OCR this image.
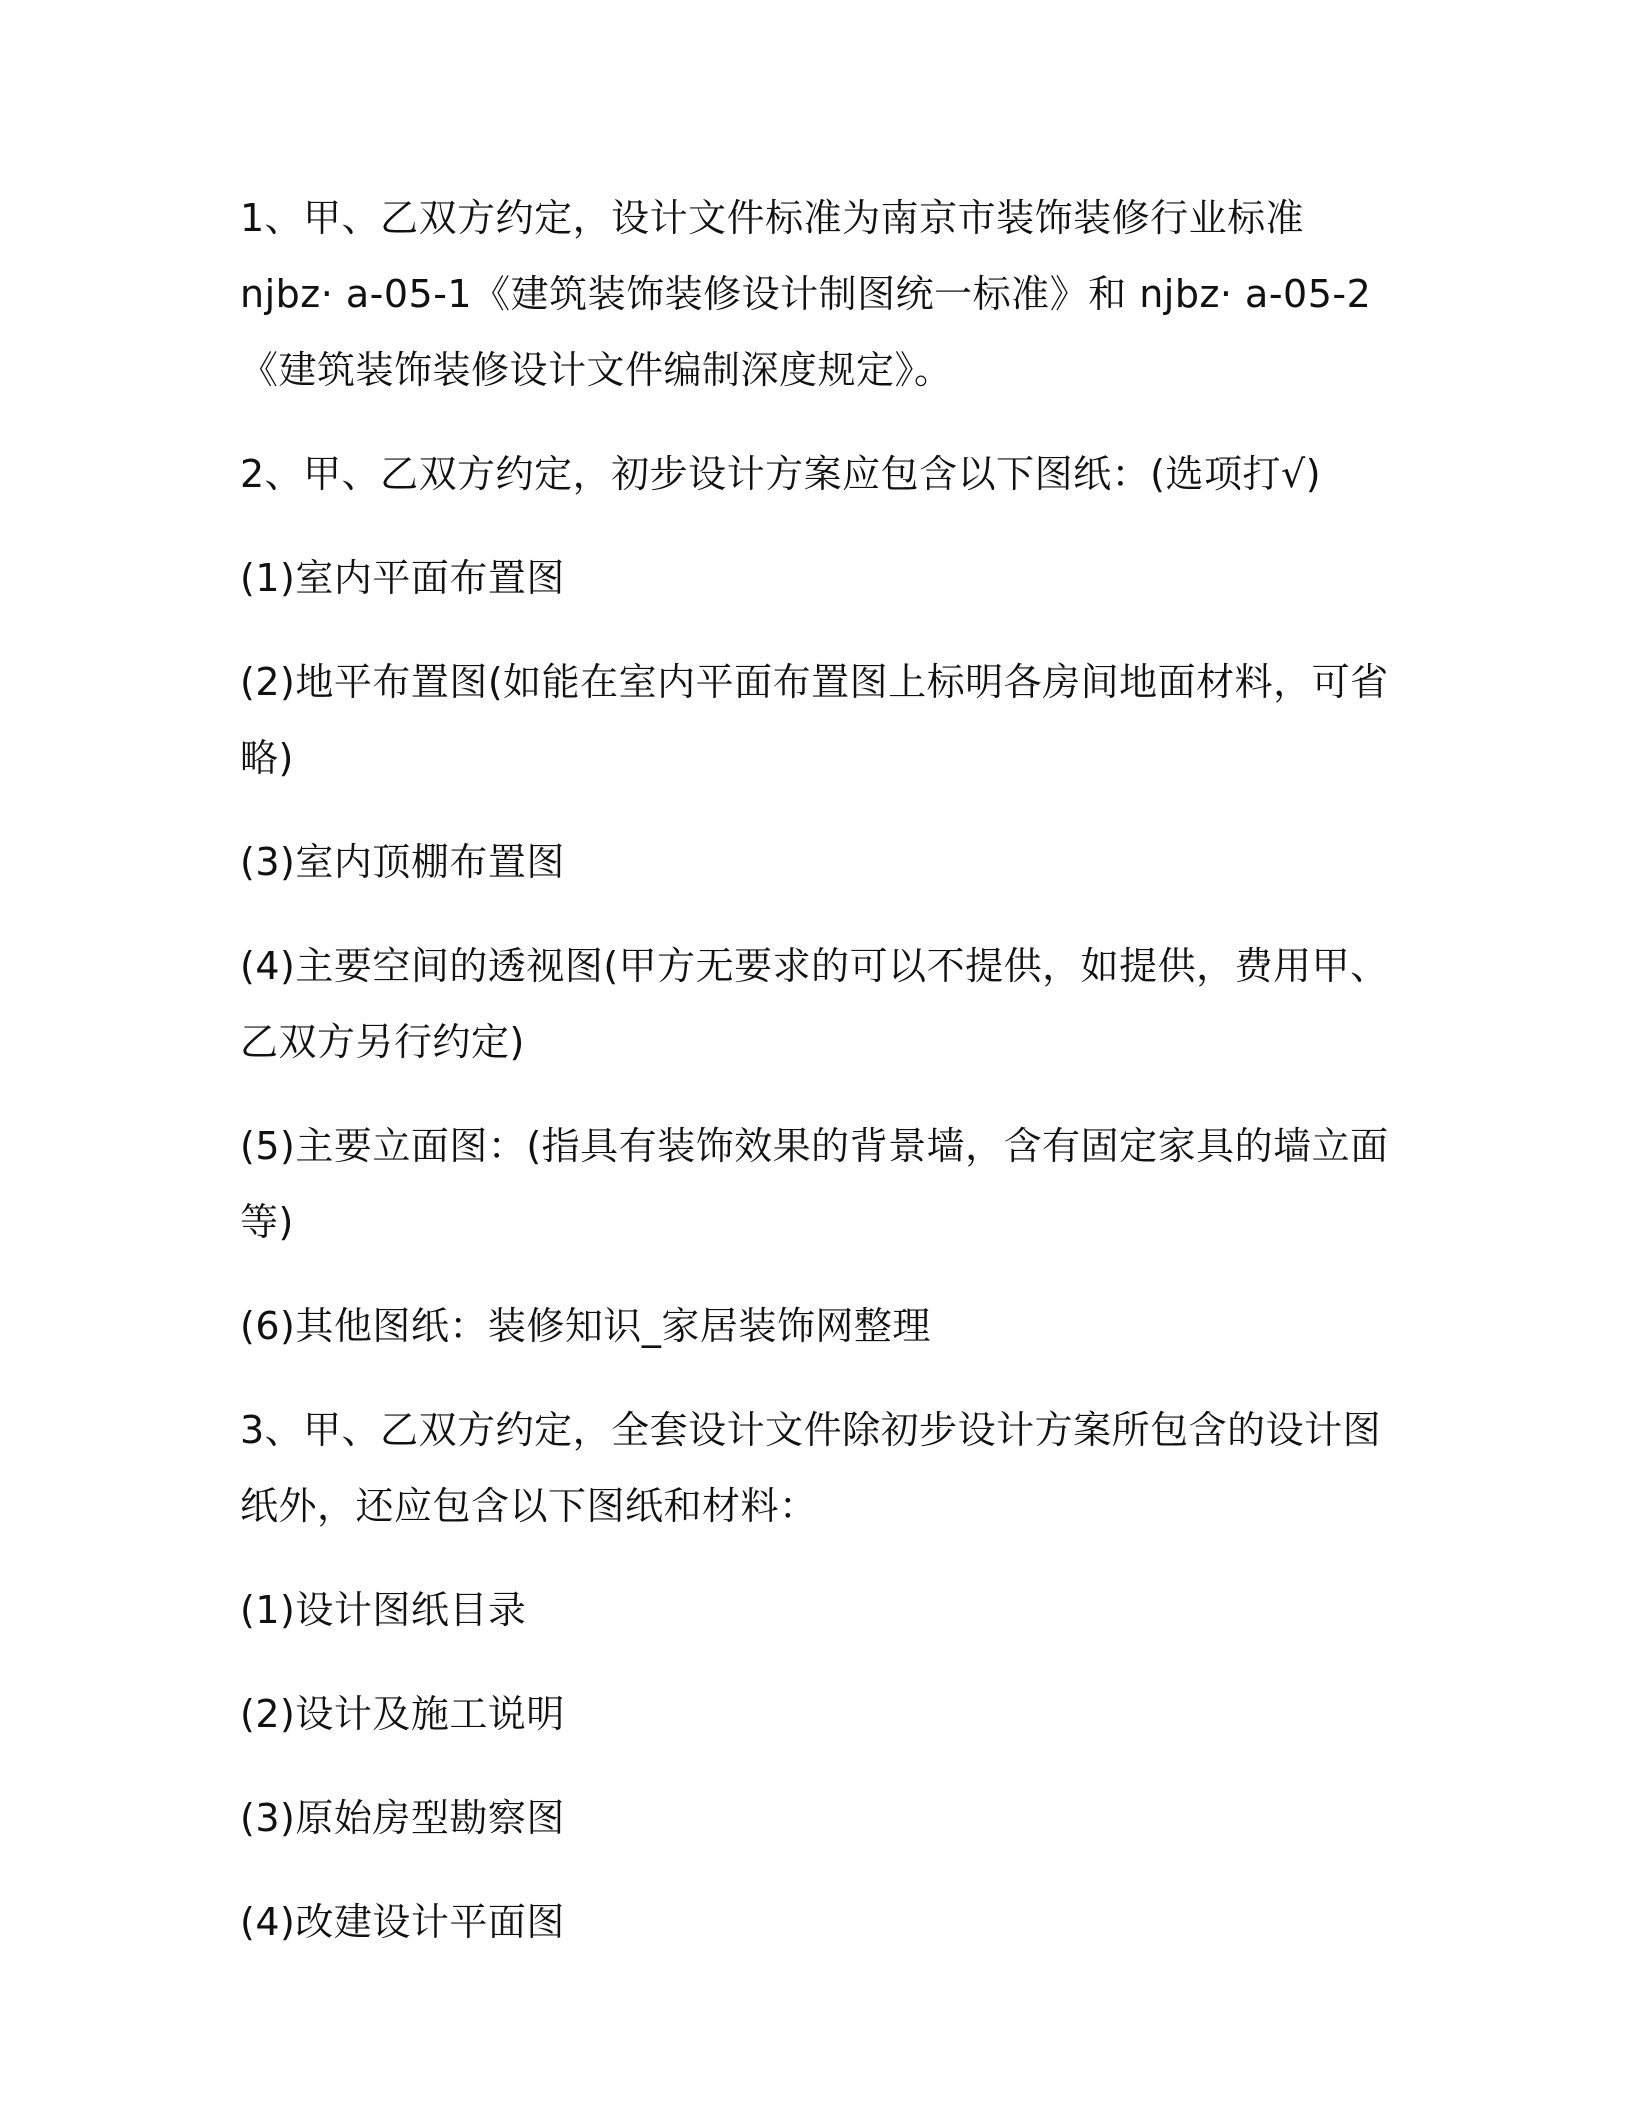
1、甲、乙双方约定，设计文件标准为南京市装饰装修行业标准 njbz· a-05-1《建筑装饰装修设计制图统一标准》和 njbz· a-05-2《建筑装饰装修设计文件编制深度规定》。

2、甲、乙双方约定，初步设计方案应包含以下图纸：(选项打√)

(1)室内平面布置图

(2)地平布置图(如能在室内平面布置图上标明各房间地面材料，可省略)

(3)室内顶棚布置图

(4)主要空间的透视图(甲方无要求的可以不提供，如提供，费用甲、乙双方另行约定)

(5)主要立面图：(指具有装饰效果的背景墙，含有固定家具的墙立面等)

(6)其他图纸：装修知识_家居装饰网整理

3、甲、乙双方约定，全套设计文件除初步设计方案所包含的设计图纸外，还应包含以下图纸和材料：

(1)设计图纸目录

(2)设计及施工说明

(3)原始房型勘察图

(4)改建设计平面图
